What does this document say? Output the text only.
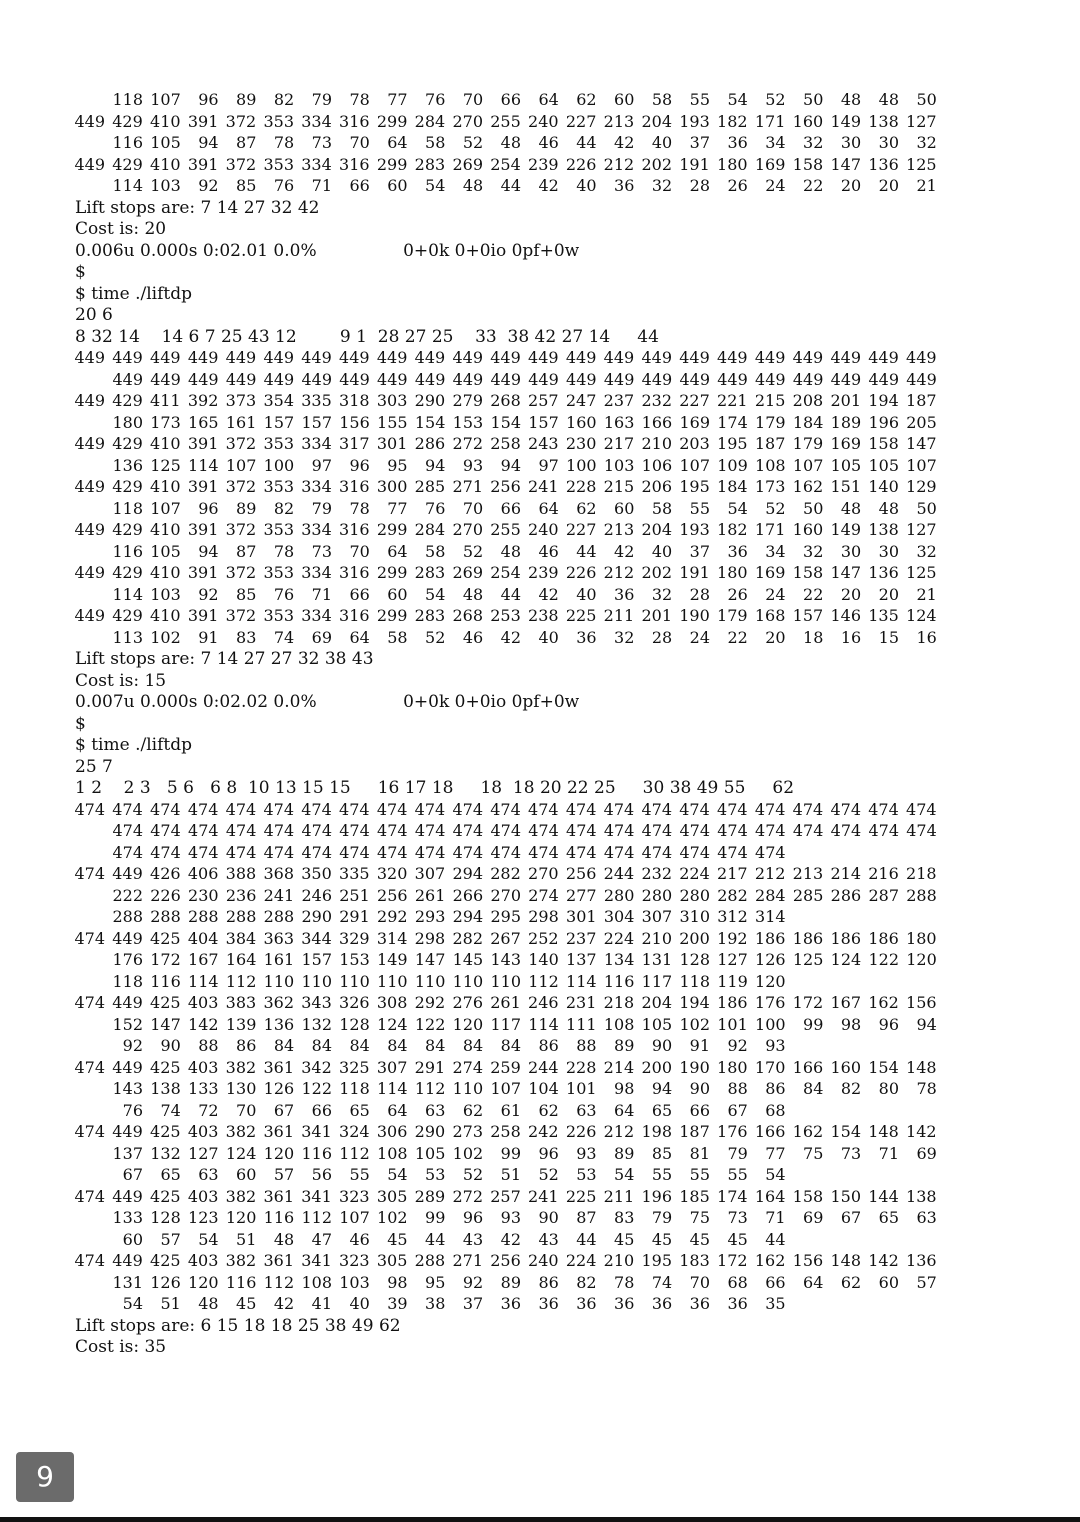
118 107	96	89	82	79	78	77	76	70	66	64	62	60	58	55	54	52	50	48	48	50
449 429 410 391 372 353 334 316 299 284 270 255 240 227 213 204 193 182 171 160 149 138 127
116 105	94	87	78	73	70	64	58	52	48	46	44	42	40	37	36	34	32	30	30	32
449 429 410 391 372 353 334 316 299 283 269 254 239 226 212 202 191 180 169 158 147 136 125
114 103	92	85	76	71	66	60	54	48	44	42	40	36	32	28	26	24	22	20	20	21
Lift stops are: 7 14 27 32 42
Cost is: 20
0.006u 0.000s 0:02.01 0.0%                0+0k 0+0io 0pf+0w
$
$ time ./liftdp
20 6
8 32 14    14 6 7 25 43 12        9 1  28 27 25    33  38 42 27 14     44
449 449 449 449 449 449 449 449 449 449 449 449 449 449 449 449 449 449 449 449 449 449 449
449 449 449 449 449 449 449 449 449 449 449 449 449 449 449 449 449 449 449 449 449 449
449 429 411 392 373 354 335 318 303 290 279 268 257 247 237 232 227 221 215 208 201 194 187
180 173 165 161 157 157 156 155 154 153 154 157 160 163 166 169 174 179 184 189 196 205
449 429 410 391 372 353 334 317 301 286 272 258 243 230 217 210 203 195 187 179 169 158 147
136 125 114 107 100	97	96	95	94	93	94	97 100 103 106 107 109 108 107 105 105 107
449 429 410 391 372 353 334 316 300 285 271 256 241 228 215 206 195 184 173 162 151 140 129
118 107	96	89	82	79	78	77	76	70	66	64	62	60	58	55	54	52	50	48	48	50
449 429 410 391 372 353 334 316 299 284 270 255 240 227 213 204 193 182 171 160 149 138 127
116 105	94	87	78	73	70	64	58	52	48	46	44	42	40	37	36	34	32	30	30	32
449 429 410 391 372 353 334 316 299 283 269 254 239 226 212 202 191 180 169 158 147 136 125
114 103	92	85	76	71	66	60	54	48	44	42	40	36	32	28	26	24	22	20	20	21
449 429 410 391 372 353 334 316 299 283 268 253 238 225 211 201 190 179 168 157 146 135 124
113 102	91	83	74	69	64	58	52	46	42	40	36	32	28	24	22	20	18	16	15	16
Lift stops are: 7 14 27 27 32 38 43
Cost is: 15
0.007u 0.000s 0:02.02 0.0%                0+0k 0+0io 0pf+0w
$
$ time ./liftdp
25 7
1 2    2 3   5 6   6 8  10 13 15 15     16 17 18     18  18 20 22 25     30 38 49 55     62
474 474 474 474 474 474 474 474 474 474 474 474 474 474 474 474 474 474 474 474 474 474 474
474 474 474 474 474 474 474 474 474 474 474 474 474 474 474 474 474 474 474 474 474 474
474 474 474 474 474 474 474 474 474 474 474 474 474 474 474 474 474 474
474 449 426 406 388 368 350 335 320 307 294 282 270 256 244 232 224 217 212 213 214 216 218
222 226 230 236 241 246 251 256 261 266 270 274 277 280 280 280 282 284 285 286 287 288
288 288 288 288 288 290 291 292 293 294 295 298 301 304 307 310 312 314
474 449 425 404 384 363 344 329 314 298 282 267 252 237 224 210 200 192 186 186 186 186 180
176 172 167 164 161 157 153 149 147 145 143 140 137 134 131 128 127 126 125 124 122 120
118 116 114 112 110 110 110 110 110 110 110 112 114 116 117 118 119 120
474 449 425 403 383 362 343 326 308 292 276 261 246 231 218 204 194 186 176 172 167 162 156
152 147 142 139 136 132 128 124 122 120 117 114 111 108 105 102 101 100	99	98	96	94
92	90	88	86	84	84	84	84	84	84	84	86	88	89	90	91	92	93
474 449 425 403 382 361 342 325 307 291 274 259 244 228 214 200 190 180 170 166 160 154 148
143 138 133 130 126 122 118 114 112 110 107 104 101	98	94	90	88	86	84	82	80	78
76	74	72	70	67	66	65	64	63	62	61	62	63	64	65	66	67	68
474 449 425 403 382 361 341 324 306 290 273 258 242 226 212 198 187 176 166 162 154 148 142
137 132 127 124 120 116 112 108 105 102	99	96	93	89	85	81	79	77	75	73	71	69
67	65	63	60	57	56	55	54	53	52	51	52	53	54	55	55	55	54
474 449 425 403 382 361 341 323 305 289 272 257 241 225 211 196 185 174 164 158 150 144 138
133 128 123 120 116 112 107 102	99	96	93	90	87	83	79	75	73	71	69	67	65	63
60	57	54	51	48	47	46	45	44	43	42	43	44	45	45	45	45	44
474 449 425 403 382 361 341 323 305 288 271 256 240 224 210 195 183 172 162 156 148 142 136
131 126 120 116 112 108 103	98	95	92	89	86	82	78	74	70	68	66	64	62	60	57
54	51	48	45	42	41	40	39	38	37	36	36	36	36	36	36	36	35
Lift stops are: 6 15 18 18 25 38 49 62
Cost is: 35
9
